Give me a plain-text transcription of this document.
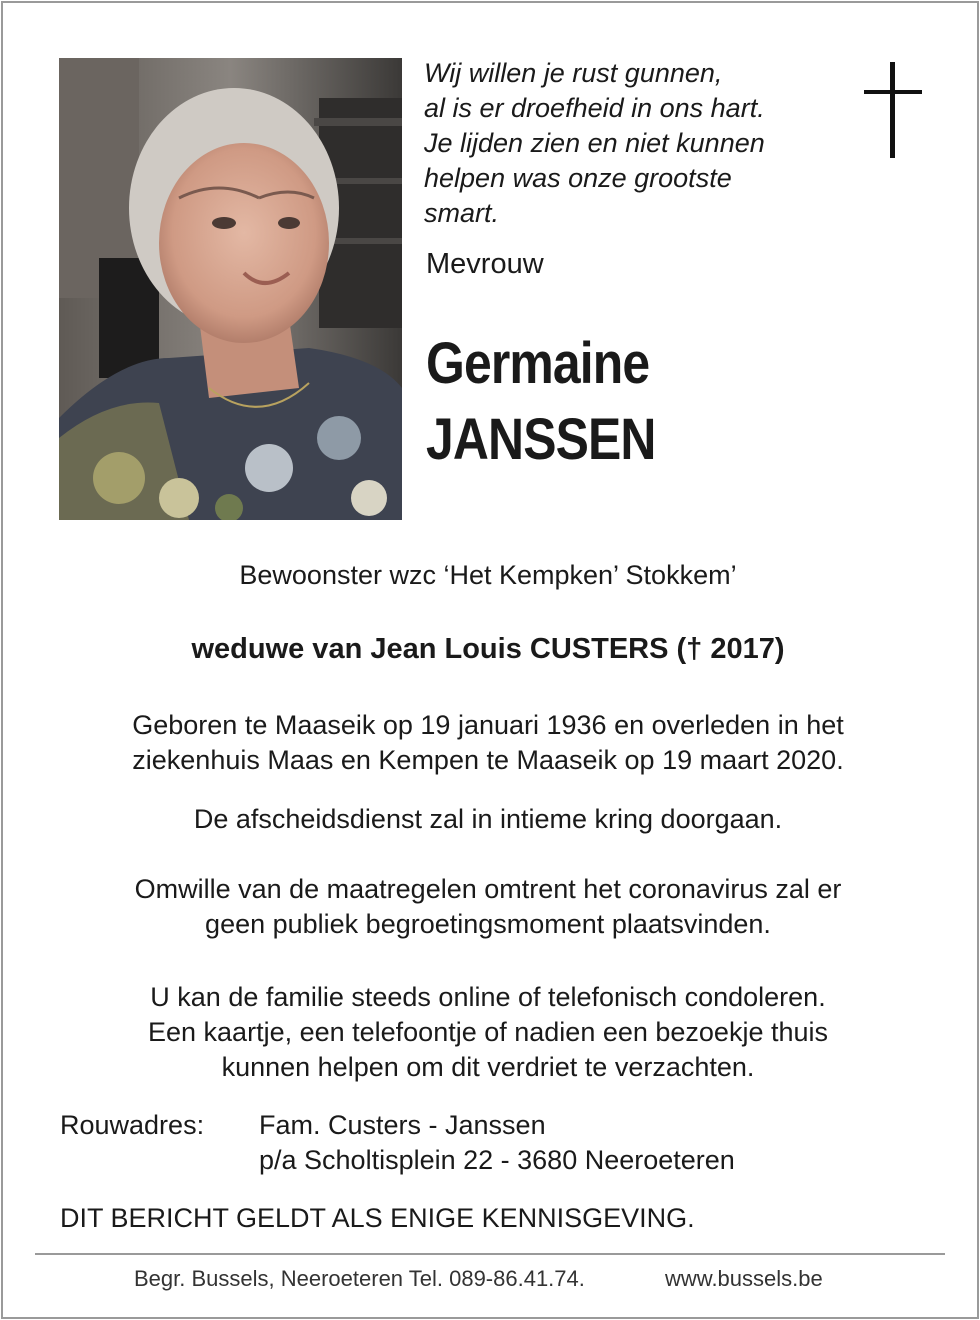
Wij willen je rust gunnen,
al is er droefheid in ons hart.
Je lijden zien en niet kunnen
helpen was onze grootste
smart.
Mevrouw
Germaine
JANSSEN
Bewoonster wzc ‘Het Kempken’ Stokkem’
weduwe van Jean Louis CUSTERS († 2017)
Geboren te Maaseik op 19 januari 1936 en overleden in het
ziekenhuis Maas en Kempen te Maaseik op 19 maart 2020.
De afscheidsdienst zal in intieme kring doorgaan.
Omwille van de maatregelen omtrent het coronavirus zal er
geen publiek begroetingsmoment plaatsvinden.
U kan de familie steeds online of telefonisch condoleren.
Een kaartje, een telefoontje of nadien een bezoekje thuis
kunnen helpen om dit verdriet te verzachten.
Rouwadres: Fam. Custers - Janssen
p/a Scholtisplein 22 - 3680 Neeroeteren
DIT BERICHT GELDT ALS ENIGE KENNISGEVING.
Begr. Bussels, Neeroeteren Tel. 089-86.41.74.	www.bussels.be
